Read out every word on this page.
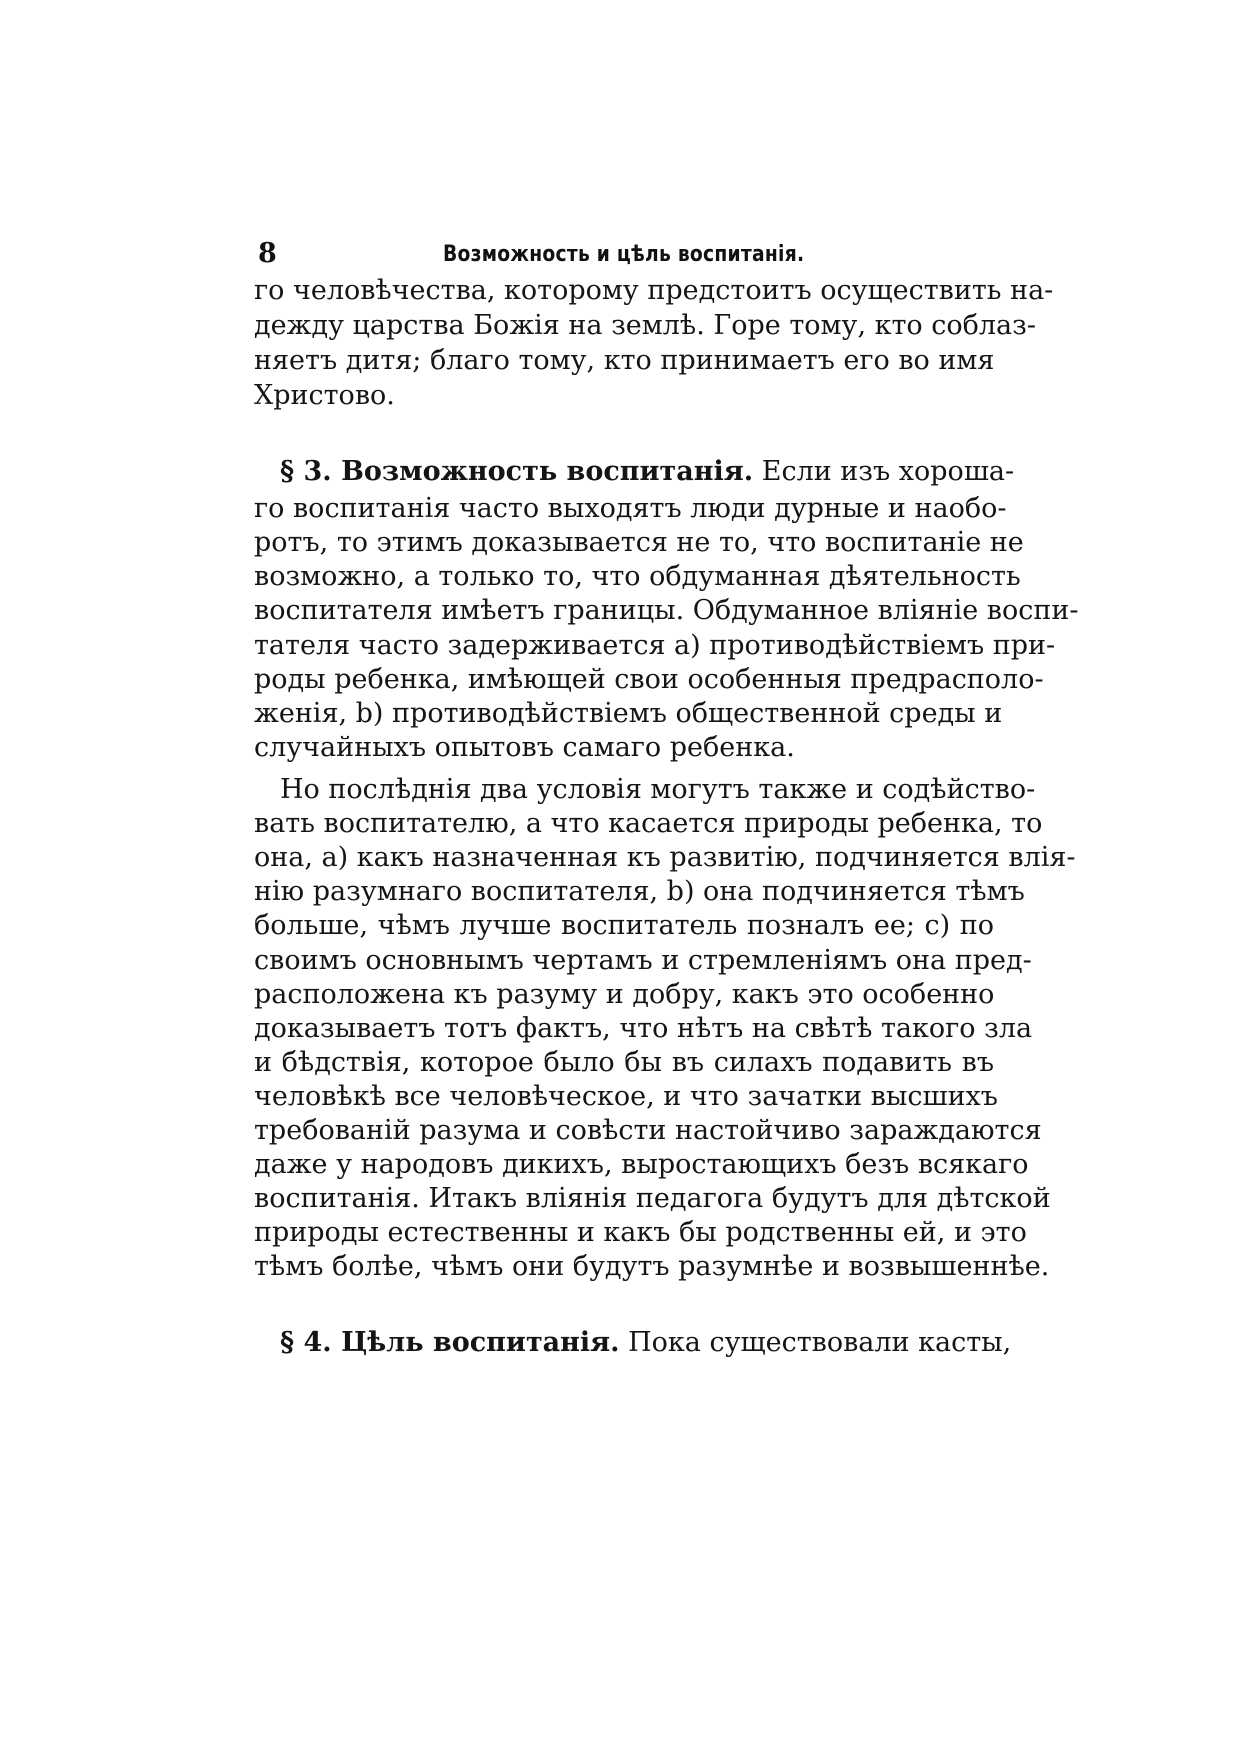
8	Возможность и цѣль воспитанія.
го человѣчества, которому предстоитъ осуществить на-
дежду царства Божія на землѣ. Горе тому, кто соблаз-
няетъ дитя; благо тому, кто принимаетъ его во имя
Христово.
§ 3. Возможность воспитанія. Если изъ хороша-
го воспитанія часто выходятъ люди дурные и наобо-
ротъ, то этимъ доказывается не то, что воспитаніе не
возможно, а только то, что обдуманная дѣятельность
воспитателя имѣетъ границы. Обдуманное вліяніе воспи-
тателя часто задерживается a) противодѣйствіемъ при-
роды ребенка, имѣющей свои особенныя предрасполо-
женія, b) противодѣйствіемъ общественной среды и
случайныхъ опытовъ самаго ребенка.
Но послѣднія два условія могутъ также и содѣйство-
вать воспитателю, а что касается природы ребенка, то
она, a) какъ назначенная къ развитію, подчиняется влія-
нію разумнаго воспитателя, b) она подчиняется тѣмъ
больше, чѣмъ лучше воспитатель позналъ ее; c) по
своимъ основнымъ чертамъ и стремленіямъ она пред-
расположена къ разуму и добру, какъ это особенно
доказываетъ тотъ фактъ, что нѣтъ на свѣтѣ такого зла
и бѣдствія, которое было бы въ силахъ подавить въ
человѣкѣ все человѣческое, и что зачатки высшихъ
требованій разума и совѣсти настойчиво зараждаются
даже у народовъ дикихъ, выростающихъ безъ всякаго
воспитанія. Итакъ вліянія педагога будутъ для дѣтской
природы естественны и какъ бы родственны ей, и это
тѣмъ болѣе, чѣмъ они будутъ разумнѣе и возвышеннѣе.
§ 4. Цѣль воспитанія. Пока существовали касты,
